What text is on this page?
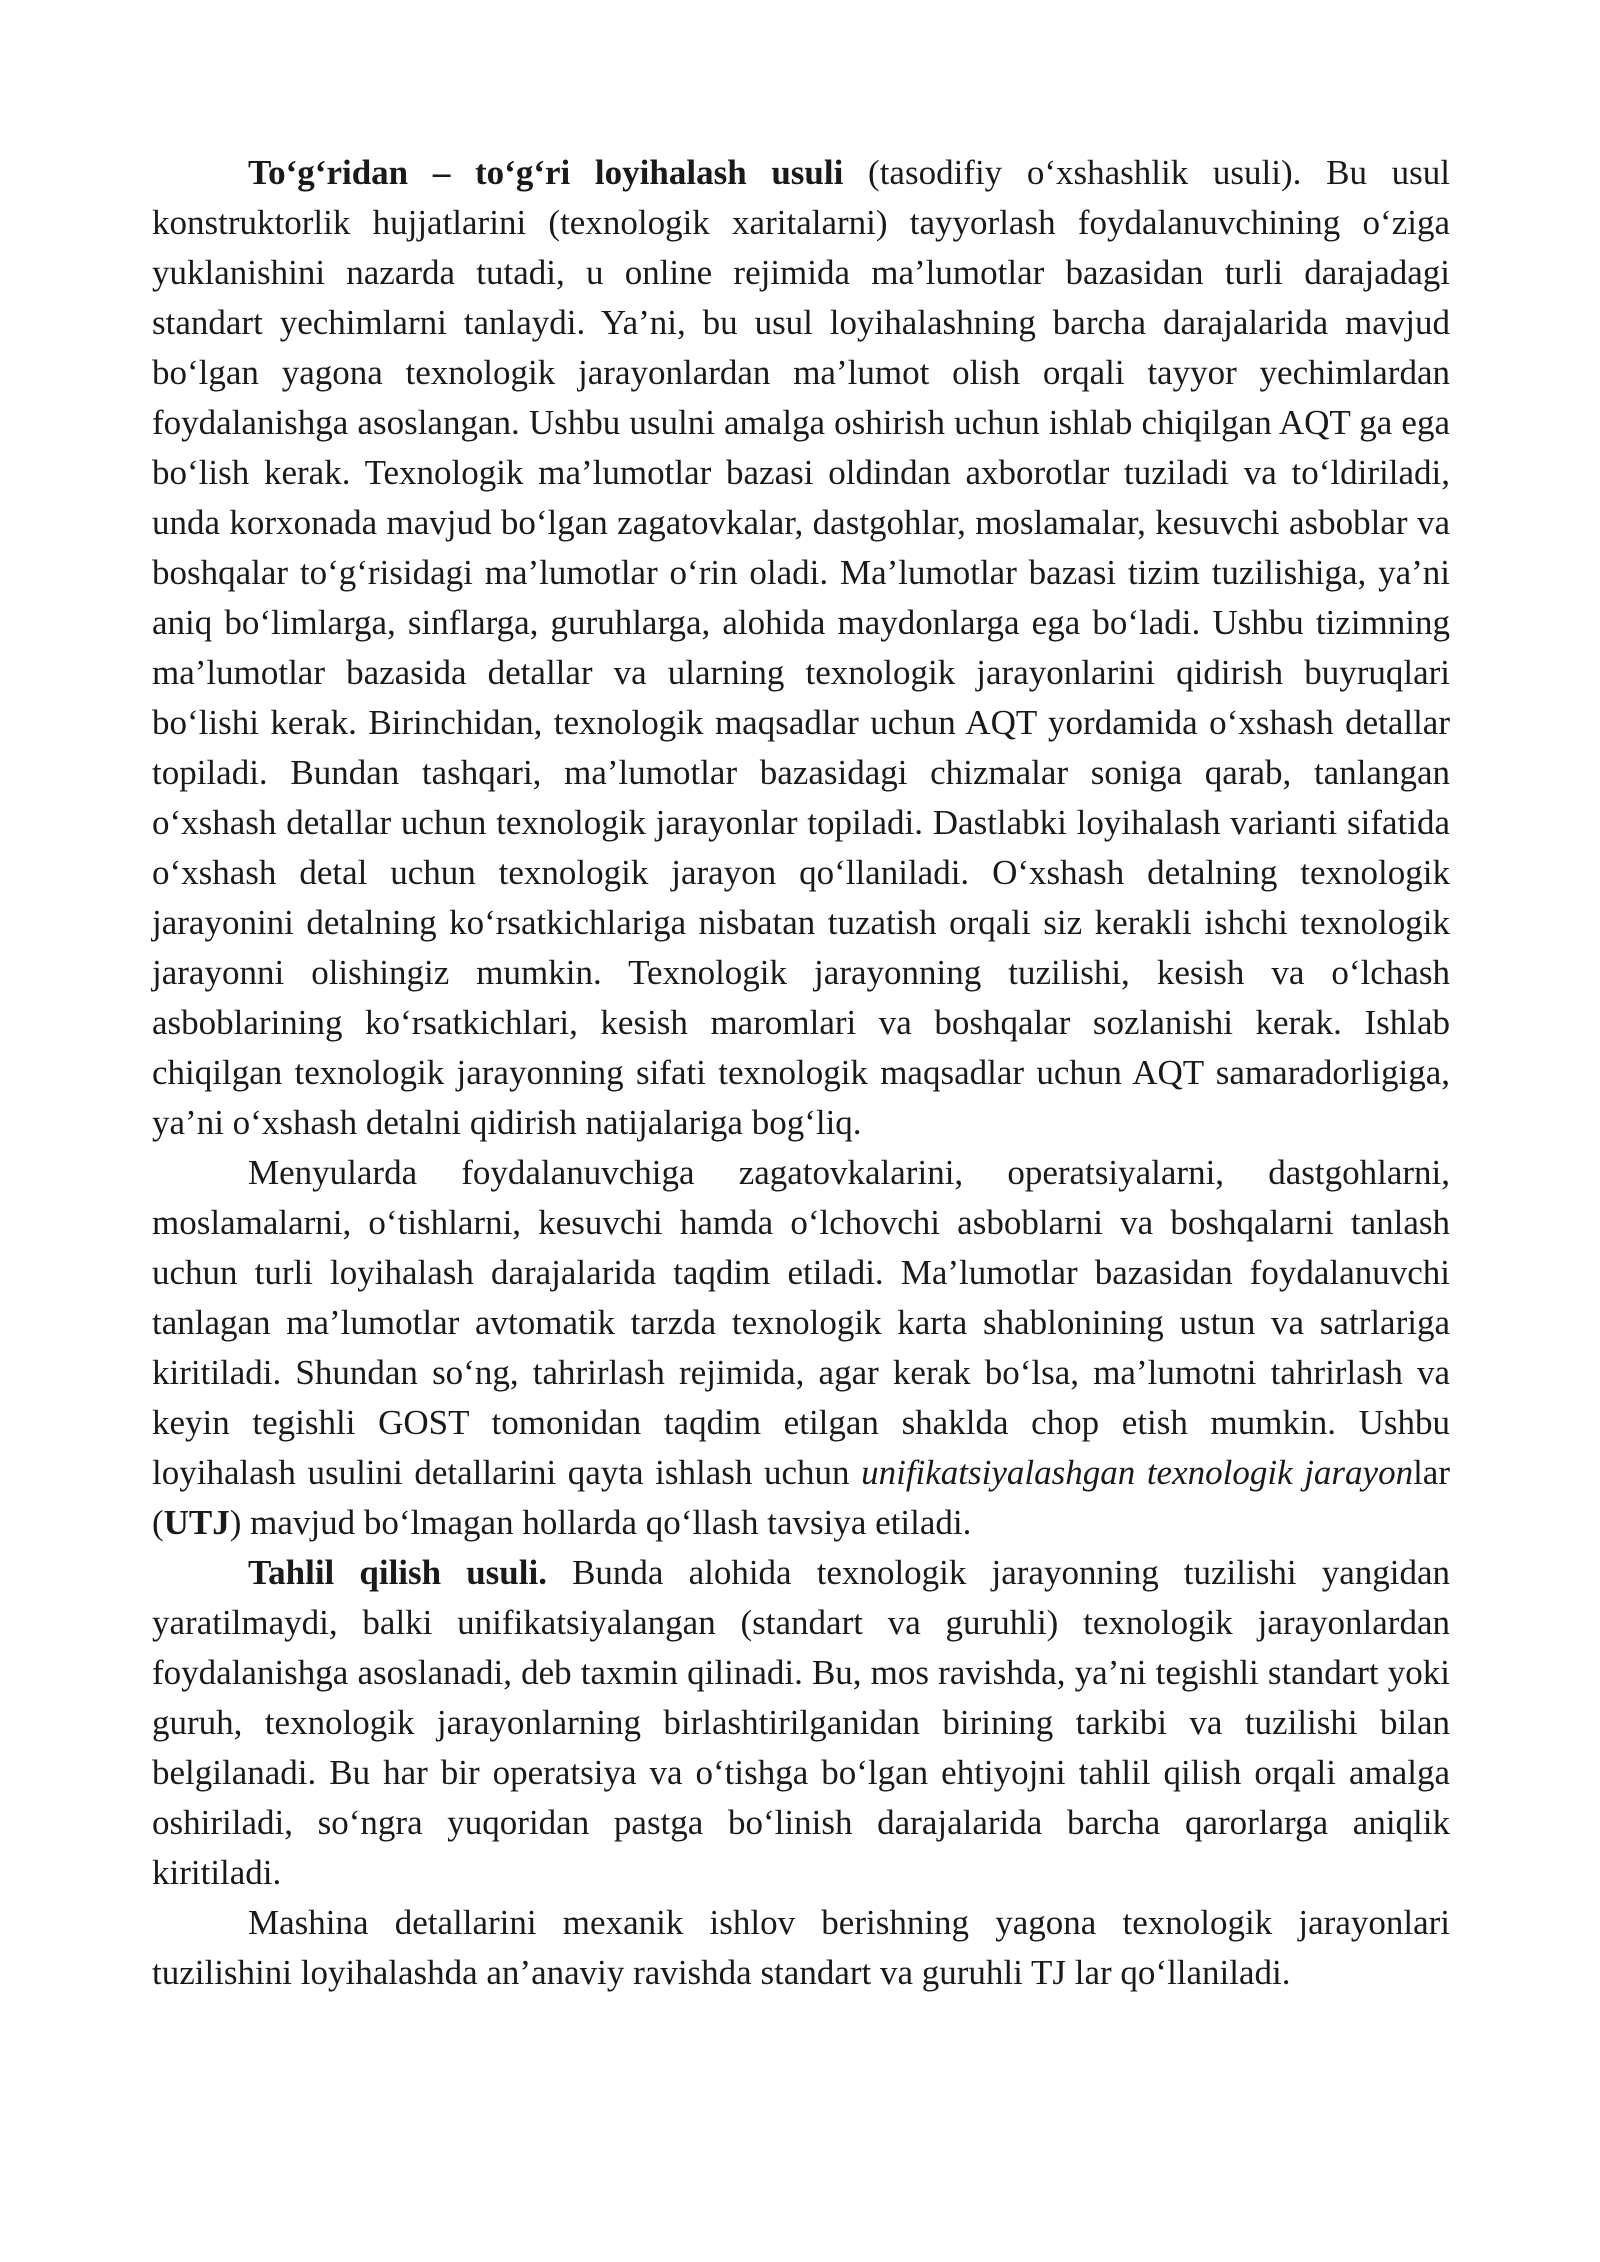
To‘g‘ridan – to‘g‘ri loyihalash usuli (tasodifiy o‘xshashlik usuli). Bu usul konstruktorlik hujjatlarini (texnologik xaritalarni) tayyorlash foydalanuvchining o‘ziga yuklanishini nazarda tutadi, u online rejimida ma’lumotlar bazasidan turli darajadagi standart yechimlarni tanlaydi. Ya’ni, bu usul loyihalashning barcha darajalarida mavjud bo‘lgan yagona texnologik jarayonlardan ma’lumot olish orqali tayyor yechimlardan foydalanishga asoslangan. Ushbu usulni amalga oshirish uchun ishlab chiqilgan AQT ga ega bo‘lish kerak. Texnologik ma’lumotlar bazasi oldindan axborotlar tuziladi va to‘ldiriladi, unda korxonada mavjud bo‘lgan zagatovkalar, dastgohlar, moslamalar, kesuvchi asboblar va boshqalar to‘g‘risidagi ma’lumotlar o‘rin oladi. Ma’lumotlar bazasi tizim tuzilishiga, ya’ni aniq bo‘limlarga, sinflarga, guruhlarga, alohida maydonlarga ega bo‘ladi. Ushbu tizimning ma’lumotlar bazasida detallar va ularning texnologik jarayonlarini qidirish buyruqlari bo‘lishi kerak. Birinchidan, texnologik maqsadlar uchun AQT yordamida o‘xshash detallar topiladi. Bundan tashqari, ma’lumotlar bazasidagi chizmalar soniga qarab, tanlangan o‘xshash detallar uchun texnologik jarayonlar topiladi. Dastlabki loyihalash varianti sifatida o‘xshash detal uchun texnologik jarayon qo‘llaniladi. O‘xshash detalning texnologik jarayonini detalning ko‘rsatkichlariga nisbatan tuzatish orqali siz kerakli ishchi texnologik jarayonni olishingiz mumkin. Texnologik jarayonning tuzilishi, kesish va o‘lchash asboblarining ko‘rsatkichlari, kesish maromlari va boshqalar sozlanishi kerak. Ishlab chiqilgan texnologik jarayonning sifati texnologik maqsadlar uchun AQT samaradorligiga, ya’ni o‘xshash detalni qidirish natijalariga bog‘liq.

Menyularda foydalanuvchiga zagatovkalarini, operatsiyalarni, dastgohlarni, moslamalarni, o‘tishlarni, kesuvchi hamda o‘lchovchi asboblarni va boshqalarni tanlash uchun turli loyihalash darajalarida taqdim etiladi. Ma’lumotlar bazasidan foydalanuvchi tanlagan ma’lumotlar avtomatik tarzda texnologik karta shablonining ustun va satrlariga kiritiladi. Shundan so‘ng, tahrirlash rejimida, agar kerak bo‘lsa, ma’lumotni tahrirlash va keyin tegishli GOST tomonidan taqdim etilgan shaklda chop etish mumkin. Ushbu loyihalash usulini detallarini qayta ishlash uchun unifikatsiyalashgan texnologik jarayonlar (UTJ) mavjud bo‘lmagan hollarda qo‘llash tavsiya etiladi.

Tahlil qilish usuli. Bunda alohida texnologik jarayonning tuzilishi yangidan yaratilmaydi, balki unifikatsiyalangan (standart va guruhli) texnologik jarayonlardan foydalanishga asoslanadi, deb taxmin qilinadi. Bu, mos ravishda, ya’ni tegishli standart yoki guruh, texnologik jarayonlarning birlashtirilganidan birining tarkibi va tuzilishi bilan belgilanadi. Bu har bir operatsiya va o‘tishga bo‘lgan ehtiyojni tahlil qilish orqali amalga oshiriladi, so‘ngra yuqoridan pastga bo‘linish darajalarida barcha qarorlarga aniqlik kiritiladi.

Mashina detallarini mexanik ishlov berishning yagona texnologik jarayonlari tuzilishini loyihalashda an’anaviy ravishda standart va guruhli TJ lar qo‘llaniladi.
